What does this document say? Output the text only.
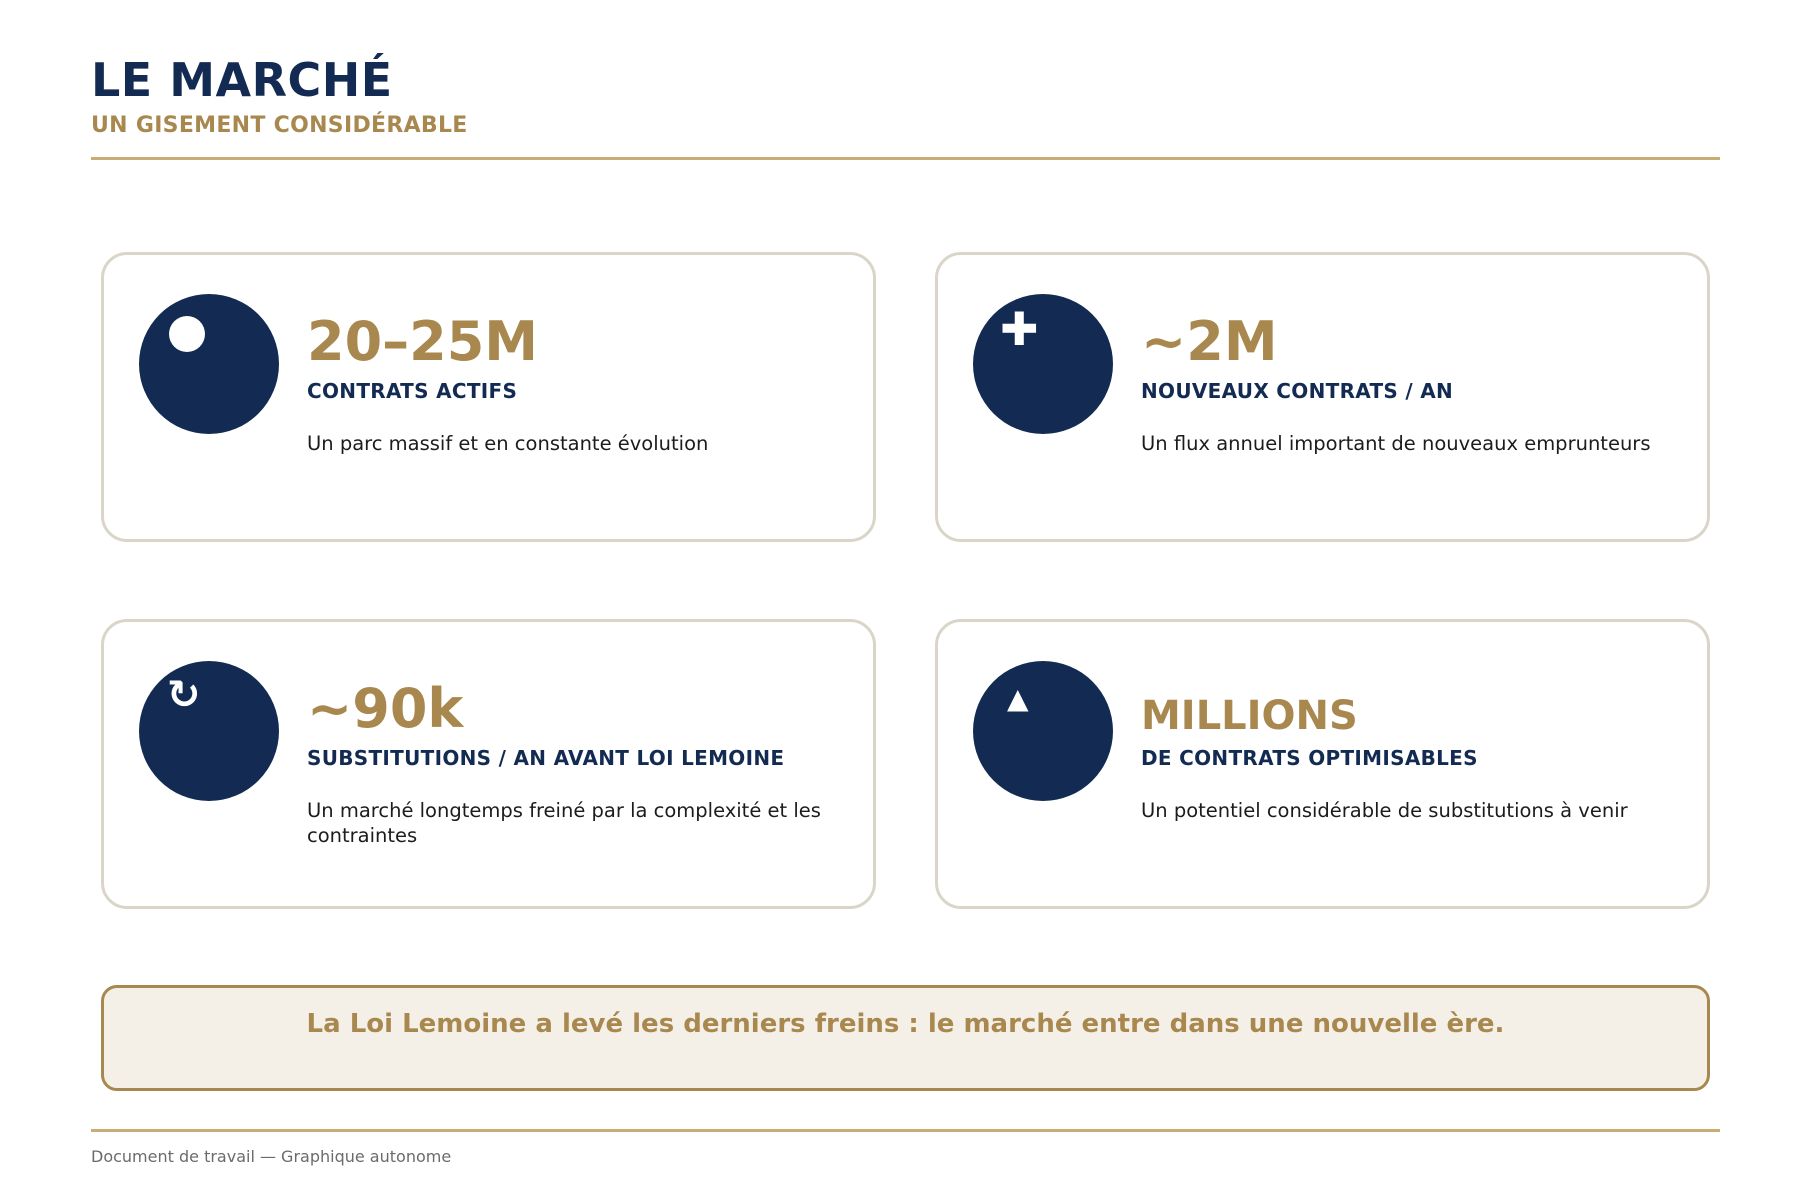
LE MARCHÉ
UN GISEMENT CONSIDÉRABLE
20–25M
CONTRATS ACTIFS
Un parc massif et en constante évolution
✚ ~2M
NOUVEAUX CONTRATS / AN
Un flux annuel important de nouveaux emprunteurs
↻ ~90k
SUBSTITUTIONS / AN AVANT LOI LEMOINE
Un marché longtemps freiné par la complexité et les contraintes
▲	MILLIONS
DE CONTRATS OPTIMISABLES
Un potentiel considérable de substitutions à venir
La Loi Lemoine a levé les derniers freins : le marché entre dans une nouvelle ère.
Document de travail — Graphique autonome
